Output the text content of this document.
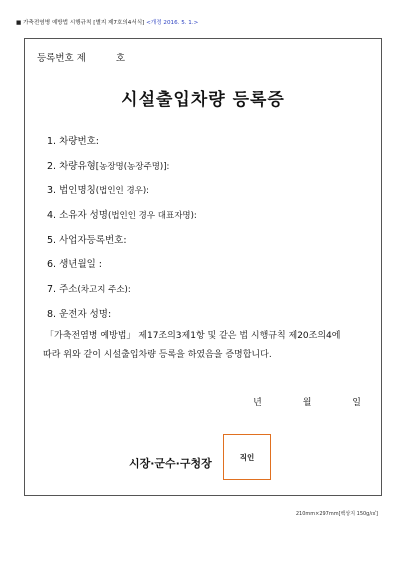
■ 가축전염병 예방법 시행규칙 [별지 제7호의4서식] <개정 2016. 5. 1.>
등록번호 제	호
시설출입차량 등록증
1. 차량번호:
2. 차량유형[농장명(농장주명)]:
3. 법인명칭(법인인 경우):
4. 소유자 성명(법인인 경우 대표자명):
5. 사업자등록번호:
6. 생년월일 :
7. 주소(차고지 주소):
8. 운전자 성명:
「가축전염병 예방법」 제17조의3제1항 및 같은 법 시행규칙 제20조의4에
따라 위와 같이 시설출입차량 등록을 하였음을 증명합니다.
년	월	일
시장·군수·구청장	직인
210mm×297mm[백상지 150g/㎡]
